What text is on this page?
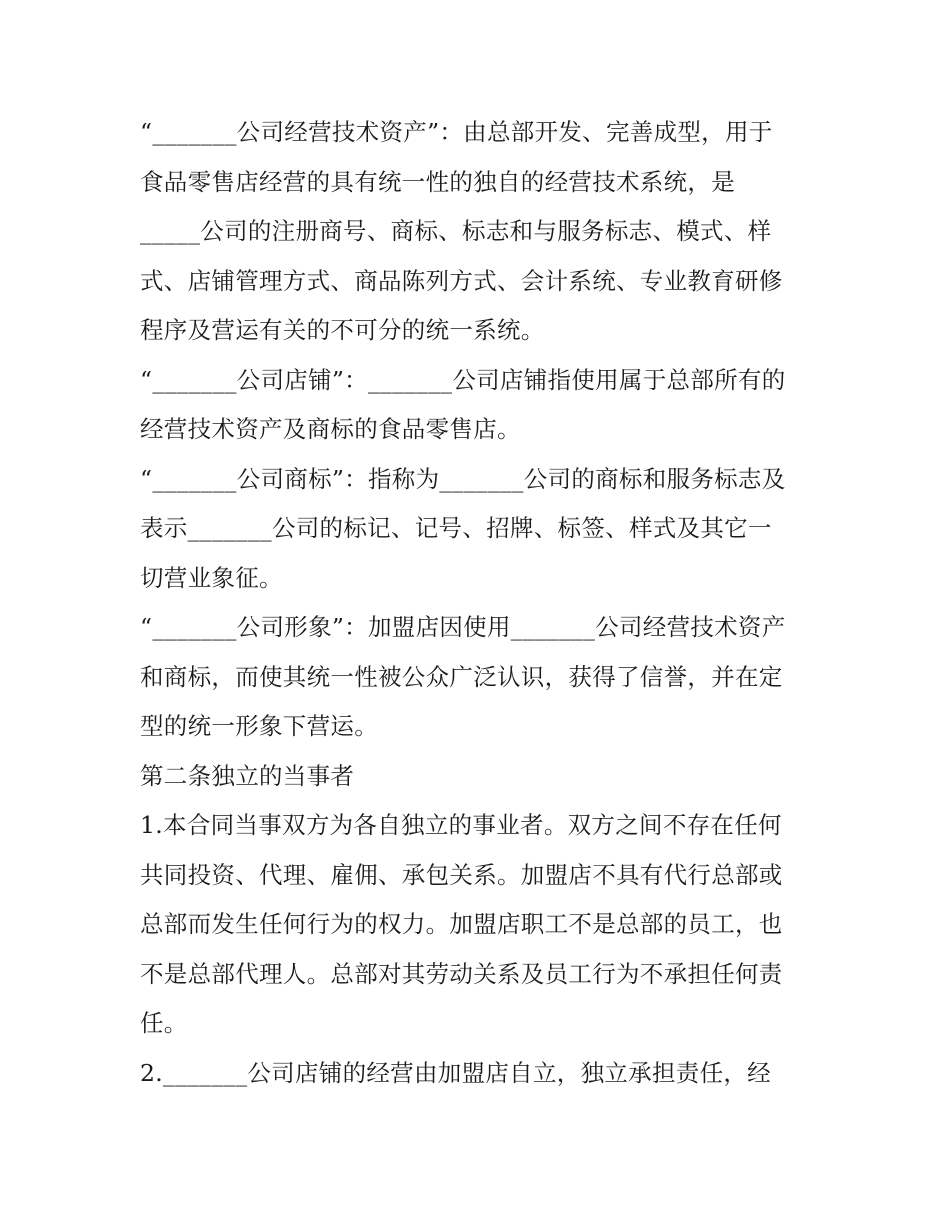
“_______公司经营技术资产”：由总部开发、完善成型，用于
食品零售店经营的具有统一性的独自的经营技术系统，是
_____公司的注册商号、商标、标志和与服务标志、模式、样
式、店铺管理方式、商品陈列方式、会计系统、专业教育研修
程序及营运有关的不可分的统一系统。
“_______公司店铺”：_______公司店铺指使用属于总部所有的
经营技术资产及商标的食品零售店。
“_______公司商标”：指称为_______公司的商标和服务标志及
表示_______公司的标记、记号、招牌、标签、样式及其它一
切营业象征。
“_______公司形象”：加盟店因使用_______公司经营技术资产
和商标，而使其统一性被公众广泛认识，获得了信誉，并在定
型的统一形象下营运。
第二条独立的当事者
1.本合同当事双方为各自独立的事业者。双方之间不存在任何
共同投资、代理、雇佣、承包关系。加盟店不具有代行总部或
总部而发生任何行为的权力。加盟店职工不是总部的员工，也
不是总部代理人。总部对其劳动关系及员工行为不承担任何责
任。
2._______公司店铺的经营由加盟店自立，独立承担责任，经
